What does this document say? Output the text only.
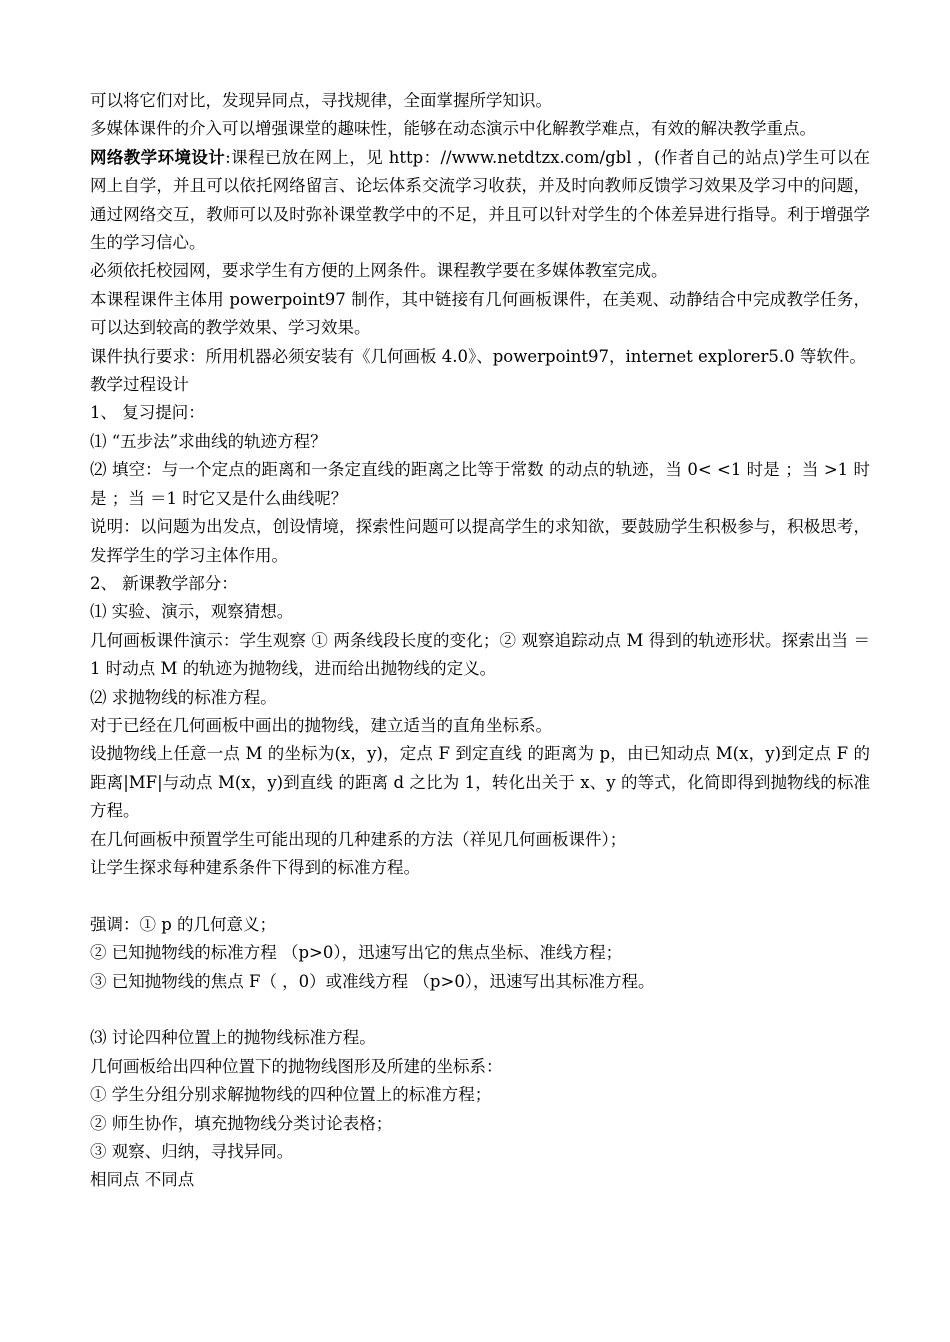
可以将它们对比，发现异同点，寻找规律，全面掌握所学知识。

多媒体课件的介入可以增强课堂的趣味性，能够在动态演示中化解教学难点，有效的解决教学重点。

网络教学环境设计:课程已放在网上，见 http：//www.netdtzx.com/gbl ，(作者自己的站点)学生可以在网上自学，并且可以依托网络留言、论坛体系交流学习收获，并及时向教师反馈学习效果及学习中的问题，通过网络交互，教师可以及时弥补课堂教学中的不足，并且可以针对学生的个体差异进行指导。利于增强学生的学习信心。

必须依托校园网，要求学生有方便的上网条件。课程教学要在多媒体教室完成。

本课程课件主体用 powerpoint97 制作，其中链接有几何画板课件，在美观、动静结合中完成教学任务，可以达到较高的教学效果、学习效果。

课件执行要求：所用机器必须安装有《几何画板 4.0》、powerpoint97，internet explorer5.0 等软件。

教学过程设计

1、 复习提问：

⑴ “五步法”求曲线的轨迹方程？

⑵ 填空：与一个定点的距离和一条定直线的距离之比等于常数 的动点的轨迹，当 0< <1 时是 ；当 >1 时是 ；当 ＝1 时它又是什么曲线呢？

说明：以问题为出发点，创设情境，探索性问题可以提高学生的求知欲，要鼓励学生积极参与，积极思考，发挥学生的学习主体作用。

2、 新课教学部分：

⑴ 实验、演示，观察猜想。

几何画板课件演示：学生观察 ① 两条线段长度的变化；② 观察追踪动点 M 得到的轨迹形状。探索出当 ＝1 时动点 M 的轨迹为抛物线，进而给出抛物线的定义。

⑵ 求抛物线的标准方程。

对于已经在几何画板中画出的抛物线，建立适当的直角坐标系。

设抛物线上任意一点 M 的坐标为(x，y)，定点 F 到定直线 的距离为 p，由已知动点 M(x，y)到定点 F 的距离|MF|与动点 M(x，y)到直线 的距离 d 之比为 1，转化出关于 x、y 的等式，化简即得到抛物线的标准方程。

在几何画板中预置学生可能出现的几种建系的方法（祥见几何画板课件）；

让学生探求每种建系条件下得到的标准方程。

强调：① p 的几何意义；

② 已知抛物线的标准方程 （p>0），迅速写出它的焦点坐标、准线方程；

③ 已知抛物线的焦点 F（ ，0）或准线方程 （p>0），迅速写出其标准方程。

⑶ 讨论四种位置上的抛物线标准方程。

几何画板给出四种位置下的抛物线图形及所建的坐标系：

① 学生分组分别求解抛物线的四种位置上的标准方程；

② 师生协作，填充抛物线分类讨论表格；

③ 观察、归纳，寻找异同。

相同点 不同点
